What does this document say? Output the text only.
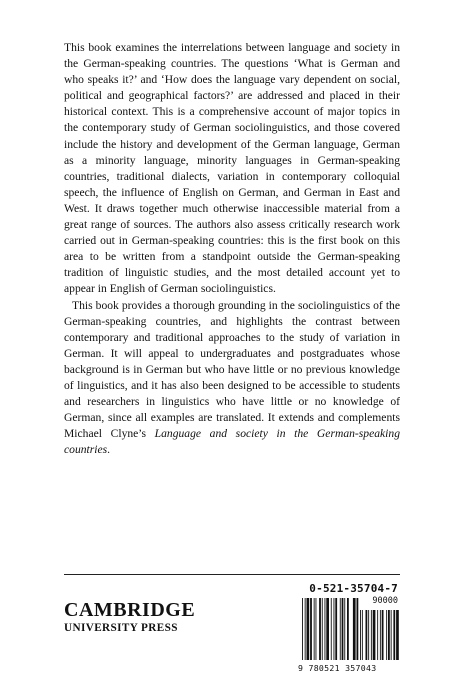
This book examines the interrelations between language and society in the German-speaking countries. The questions ‘What is German and who speaks it?’ and ‘How does the language vary dependent on social, political and geographical factors?’ are addressed and placed in their historical context. This is a comprehensive account of major topics in the contemporary study of German sociolinguistics, and those covered include the history and development of the German language, German as a minority language, minority languages in German-speaking countries, traditional dialects, variation in contemporary colloquial speech, the influence of English on German, and German in East and West. It draws together much otherwise inaccessible material from a great range of sources. The authors also assess critically research work carried out in German-speaking countries: this is the first book on this area to be written from a standpoint outside the German-speaking tradition of linguistic studies, and the most detailed account yet to appear in English of German sociolinguistics.

This book provides a thorough grounding in the sociolinguistics of the German-speaking countries, and highlights the contrast between contemporary and traditional approaches to the study of variation in German. It will appeal to undergraduates and postgraduates whose background is in German but who have little or no previous knowledge of linguistics, and it has also been designed to be accessible to students and researchers in linguistics who have little or no knowledge of German, since all examples are translated. It extends and complements Michael Clyne’s Language and society in the German-speaking countries.

CAMBRIDGE
UNIVERSITY PRESS
0-521-35704-7
90000
9 780521 357043
